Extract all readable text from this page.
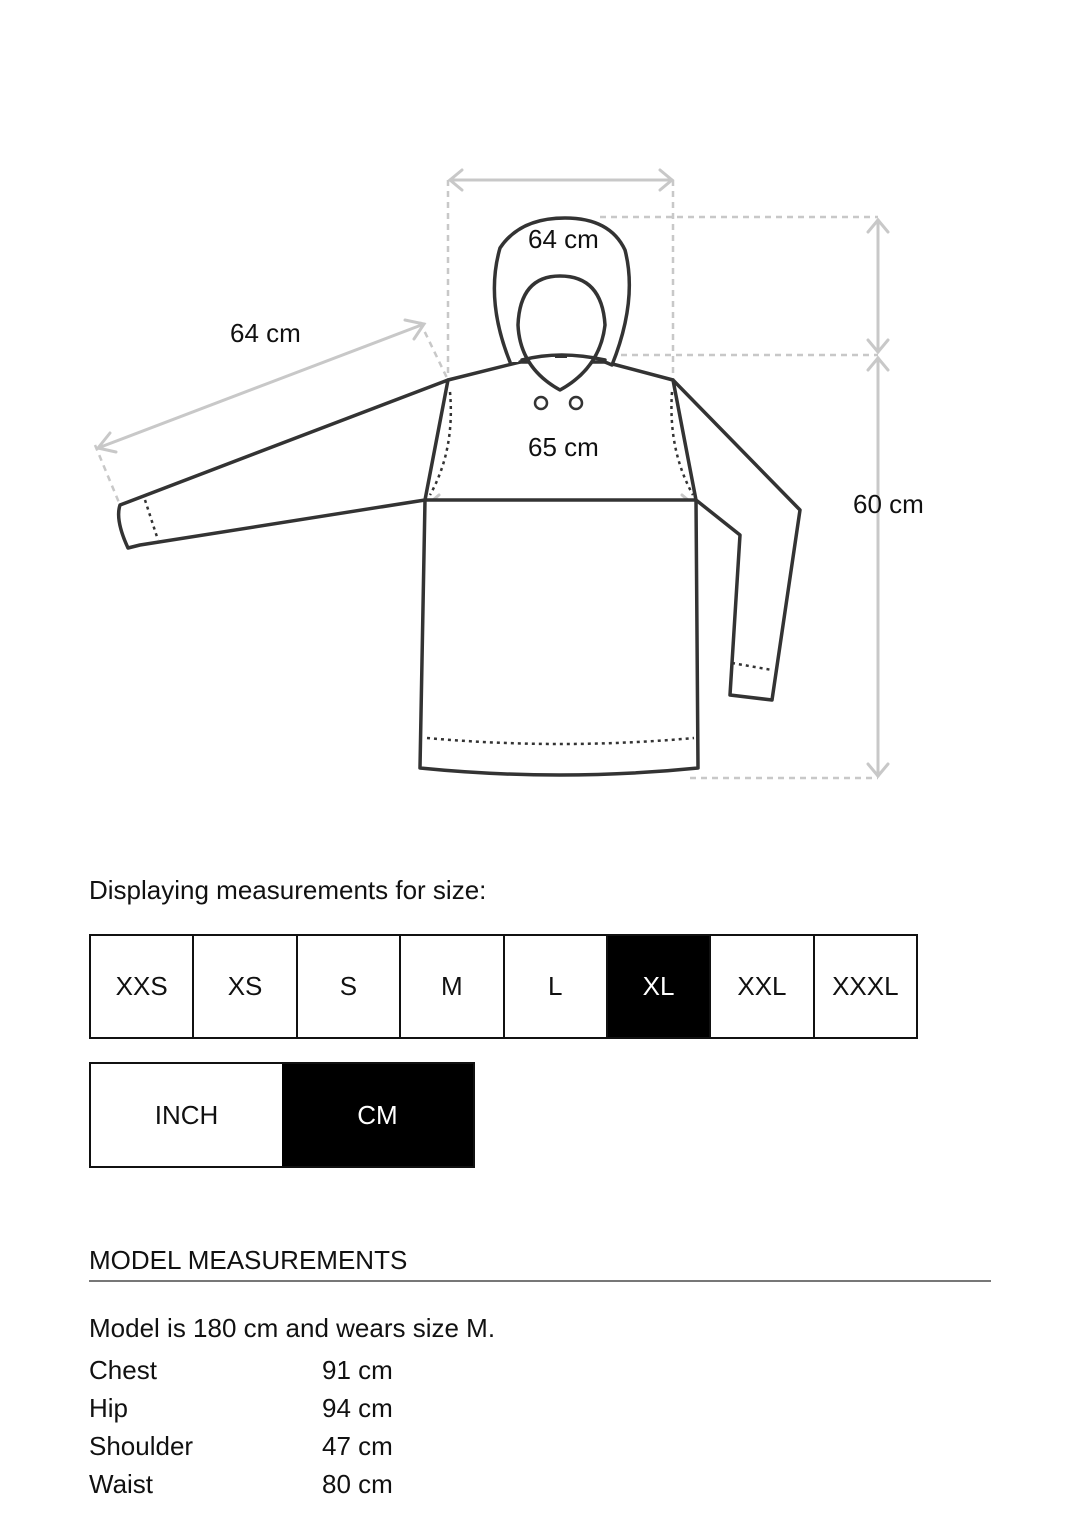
64 cm
64 cm
65 cm
60 cm
Displaying measurements for size:
XXS	XS	S	M	L	XL	XXL	XXXL
INCH	CM
MODEL MEASUREMENTS
Model is 180 cm and wears size M.
Chest	91 cm
Hip	94 cm
Shoulder	47 cm
Waist	80 cm
